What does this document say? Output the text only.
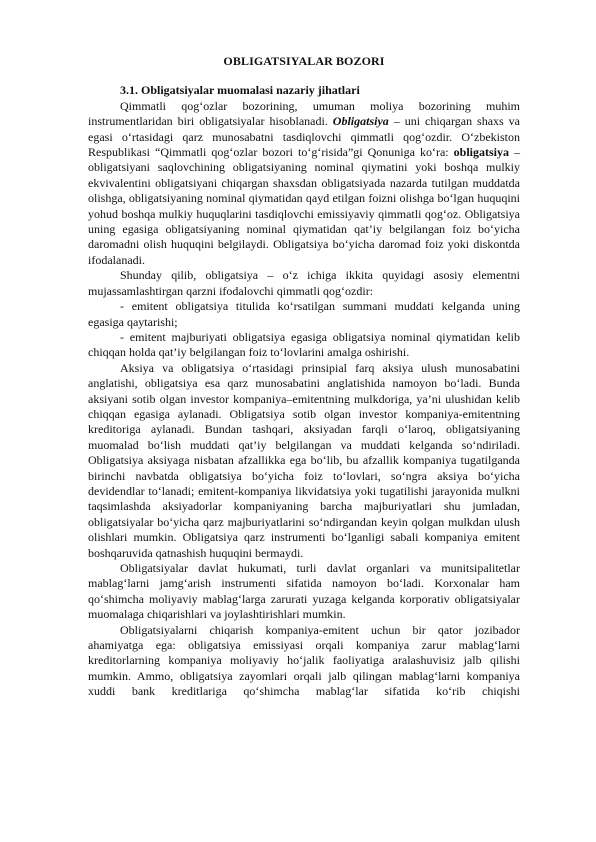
OBLIGATSIYALAR BOZORI
3.1. Obligatsiyalar muomalasi nazariy jihatlari

Qimmatli qog‘ozlar bozorining, umuman moliya bozorining muhim instrumentlaridan biri obligatsiyalar hisoblanadi. Obligatsiya – uni chiqargan shaxs va egasi o‘rtasidagi qarz munosabatni tasdiqlovchi qimmatli qog‘ozdir. O‘zbekiston Respublikasi “Qimmatli qog‘ozlar bozori to‘g‘risida”gi Qonuniga ko‘ra: obligatsiya – obligatsiyani saqlovchining obligatsiyaning nominal qiymatini yoki boshqa mulkiy ekvivalentini obligatsiyani chiqargan shaxsdan obligatsiyada nazarda tutilgan muddatda olishga, obligatsiyaning nominal qiymatidan qayd etilgan foizni olishga bo‘lgan huquqini yohud boshqa mulkiy huquqlarini tasdiqlovchi emissiyaviy qimmatli qog‘oz. Obligatsiya uning egasiga obligatsiyaning nominal qiymatidan qat’iy belgilangan foiz bo‘yicha daromadni olish huquqini belgilaydi. Obligatsiya bo‘yicha daromad foiz yoki diskontda ifodalanadi.

Shunday qilib, obligatsiya – o‘z ichiga ikkita quyidagi asosiy elementni mujassamlashtirgan qarzni ifodalovchi qimmatli qog‘ozdir:

- emitent obligatsiya titulida ko‘rsatilgan summani muddati kelganda uning egasiga qaytarishi;

- emitent majburiyati obligatsiya egasiga obligatsiya nominal qiymatidan kelib chiqqan holda qat’iy belgilangan foiz to‘lovlarini amalga oshirishi.

Aksiya va obligatsiya o‘rtasidagi prinsipial farq aksiya ulush munosabatini anglatishi, obligatsiya esa qarz munosabatini anglatishida namoyon bo‘ladi. Bunda aksiyani sotib olgan investor kompaniya–emitentning mulkdoriga, ya’ni ulushidan kelib chiqqan egasiga aylanadi. Obligatsiya sotib olgan investor kompaniya-emitentning kreditoriga aylanadi. Bundan tashqari, aksiyadan farqli o‘laroq, obligatsiyaning muomalad bo‘lish muddati qat’iy belgilangan va muddati kelganda so‘ndiriladi. Obligatsiya aksiyaga nisbatan afzallikka ega bo‘lib, bu afzallik kompaniya tugatilganda birinchi navbatda obligatsiya bo‘yicha foiz to‘lovlari, so‘ngra aksiya bo‘yicha devidendlar to‘lanadi; emitent-kompaniya likvidatsiya yoki tugatilishi jarayonida mulkni taqsimlashda aksiyadorlar kompaniyaning barcha majburiyatlari shu jumladan, obligatsiyalar bo‘yicha qarz majburiyatlarini so‘ndirgandan keyin qolgan mulkdan ulush olishlari mumkin. Obligatsiya qarz instrumenti bo‘lganligi sabali kompaniya emitent boshqaruvida qatnashish huquqini bermaydi.

Obligatsiyalar davlat hukumati, turli davlat organlari va munitsipalitetlar mablag‘larni jamg‘arish instrumenti sifatida namoyon bo‘ladi. Korxonalar ham qo‘shimcha moliyaviy mablag‘larga zarurati yuzaga kelganda korporativ obligatsiyalar muomalaga chiqarishlari va joylashtirishlari mumkin.

Obligatsiyalarni chiqarish kompaniya-emitent uchun bir qator jozibador ahamiyatga ega: obligatsiya emissiyasi orqali kompaniya zarur mablag‘larni kreditorlarning kompaniya moliyaviy ho‘jalik faoliyatiga aralashuvisiz jalb qilishi mumkin. Ammo, obligatsiya zayomlari orqali jalb qilingan mablag‘larni kompaniya xuddi bank kreditlariga qo‘shimcha mablag‘lar sifatida ko‘rib chiqishi
